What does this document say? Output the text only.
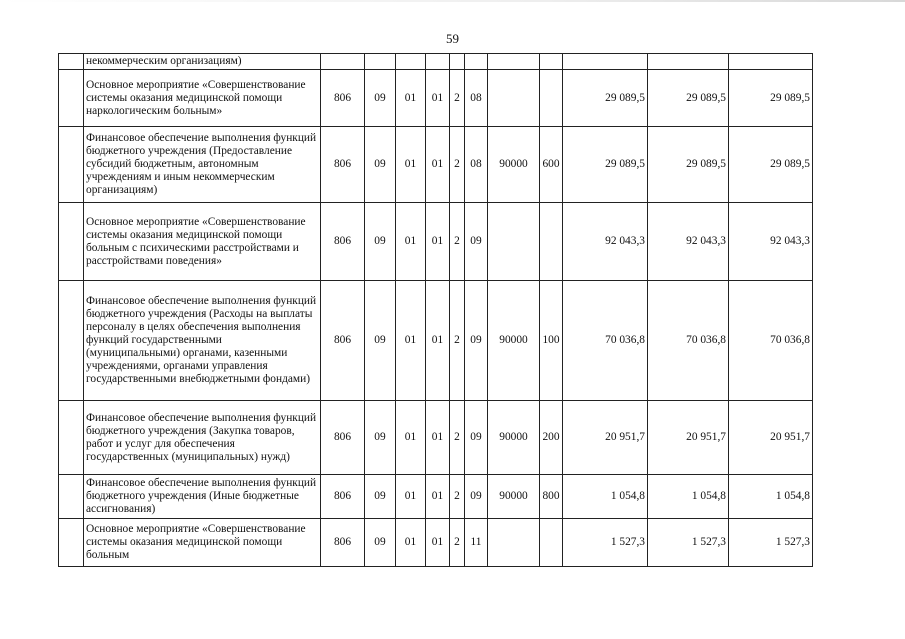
59
	некоммерческим организациям)											
	Основное мероприятие «Совершенствование системы оказания медицинской помощи наркологическим больным»	806	09	01	01	2	08			29 089,5	29 089,5	29 089,5
	Финансовое обеспечение выполнения функций бюджетного учреждения (Предоставление субсидий бюджетным, автономным учреждениям и иным некоммерческим организациям)	806	09	01	01	2	08	90000	600	29 089,5	29 089,5	29 089,5
	Основное мероприятие «Совершенствование системы оказания медицинской помощи больным с психическими расстройствами и расстройствами поведения»	806	09	01	01	2	09			92 043,3	92 043,3	92 043,3
	Финансовое обеспечение выполнения функций бюджетного учреждения (Расходы на выплаты персоналу в целях обеспечения выполнения функций государственными (муниципальными) органами, казенными учреждениями, органами управления государственными внебюджетными фондами)	806	09	01	01	2	09	90000	100	70 036,8	70 036,8	70 036,8
	Финансовое обеспечение выполнения функций бюджетного учреждения (Закупка товаров, работ и услуг для обеспечения государственных (муниципальных) нужд)	806	09	01	01	2	09	90000	200	20 951,7	20 951,7	20 951,7
	Финансовое обеспечение выполнения функций бюджетного учреждения (Иные бюджетные ассигнования)	806	09	01	01	2	09	90000	800	1 054,8	1 054,8	1 054,8
	Основное мероприятие «Совершенствование системы оказания медицинской помощи больным	806	09	01	01	2	11			1 527,3	1 527,3	1 527,3
